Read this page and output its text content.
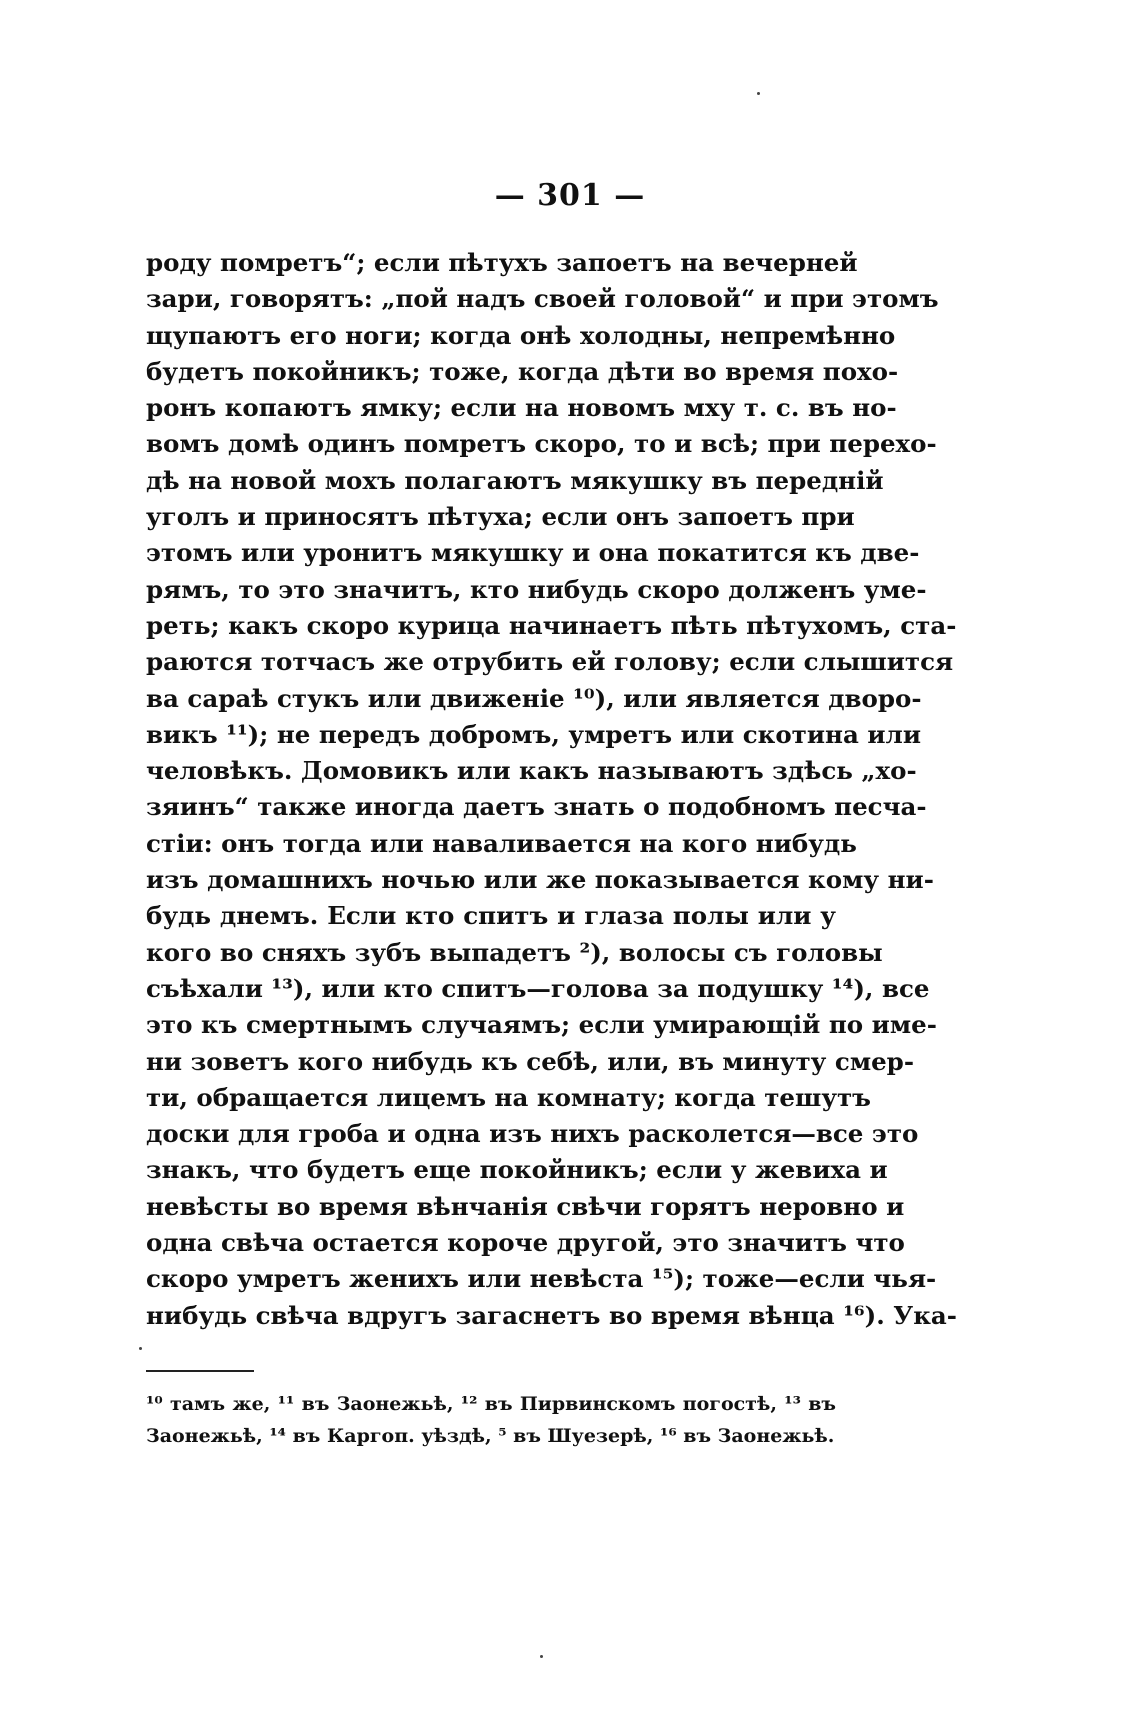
— 301 —
роду помретъ“; если пѣтухъ запоетъ на вечерней
зари, говорятъ: „пой надъ своей головой“ и при этомъ
щупаютъ его ноги; когда онѣ холодны, непремѣнно
будетъ покойникъ; тоже, когда дѣти во время похо-
ронъ копаютъ ямку; если на новомъ мху т. с. въ но-
вомъ домѣ одинъ помретъ скоро, то и всѣ; при перехо-
дѣ на новой мохъ полагаютъ мякушку въ передній
уголъ и приносятъ пѣтуха; если онъ запоетъ при
этомъ или уронитъ мякушку и она покатится къ две-
рямъ, то это значитъ, кто нибудь скоро долженъ уме-
реть; какъ скоро курица начинаетъ пѣть пѣтухомъ, ста-
раются тотчасъ же отрубить ей голову; если слышится
ва сараѣ стукъ или движеніе ¹⁰), или является дворо-
викъ ¹¹); не передъ добромъ, умретъ или скотина или
человѣкъ. Домовикъ или какъ называютъ здѣсь „хо-
зяинъ“ также иногда даетъ знать о подобномъ песча-
стіи: онъ тогда или наваливается на кого нибудь
изъ домашнихъ ночью или же показывается кому ни-
будь днемъ. Если кто спитъ и глаза полы или у
кого во сняхъ зубъ выпадетъ ²), волосы съ головы
съѣхали ¹³), или кто спитъ—голова за подушку ¹⁴), все
это къ смертнымъ случаямъ; если умирающій по име-
ни зоветъ кого нибудь къ себѣ, или, въ минуту смер-
ти, обращается лицемъ на комнату; когда тешутъ
доски для гроба и одна изъ нихъ расколется—все это
знакъ, что будетъ еще покойникъ; если у жевиха и
невѣсты во время вѣнчанія свѣчи горятъ неровно и
одна свѣча остается короче другой, это значитъ что
скоро умретъ женихъ или невѣста ¹⁵); тоже—если чья-
нибудь свѣча вдругъ загаснетъ во время вѣнца ¹⁶). Ука-
¹⁰ тамъ же, ¹¹ въ Заонежьѣ, ¹² въ Пирвинскомъ погостѣ, ¹³ въ
Заонежьѣ, ¹⁴ въ Каргоп. уѣздѣ, ⁵ въ Шуезерѣ, ¹⁶ въ Заонежьѣ.
